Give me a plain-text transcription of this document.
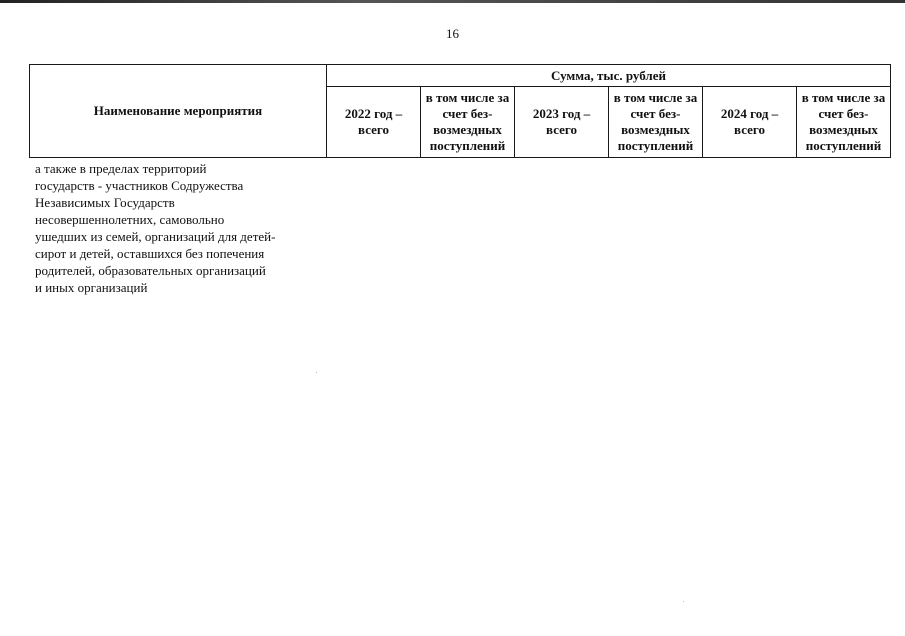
16
Наименование мероприятия	Сумма, тыс. рублей					
	2022 год – всего	в том числе за счет без-возмездных поступлений	2023 год – всего	в том числе за счет без-возмездных поступлений	2024 год – всего	в том числе за счет без-возмездных поступлений
а также в пределах территорий
государств - участников Содружества
Независимых Государств
несовершеннолетних, самовольно
ушедших из семей, организаций для детей-
сирот и детей, оставшихся без попечения
родителей, образовательных организаций
и иных организаций
